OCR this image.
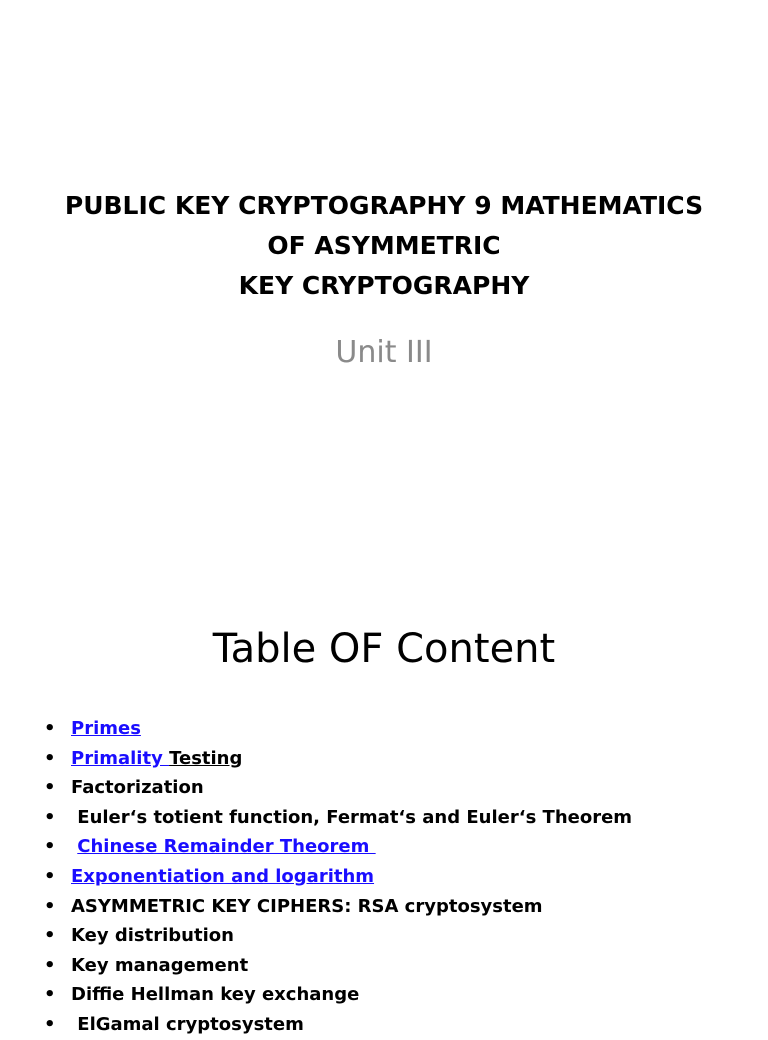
PUBLIC KEY CRYPTOGRAPHY 9 MATHEMATICS
OF ASYMMETRIC
KEY CRYPTOGRAPHY
Unit III
Table OF Content
• Primes
• Primality Testing
• Factorization
• Euler‘s totient function, Fermat‘s and Euler‘s Theorem
• Chinese Remainder Theorem
• Exponentiation and logarithm
• ASYMMETRIC KEY CIPHERS: RSA cryptosystem
• Key distribution
• Key management
• Diffie Hellman key exchange
• ElGamal cryptosystem
